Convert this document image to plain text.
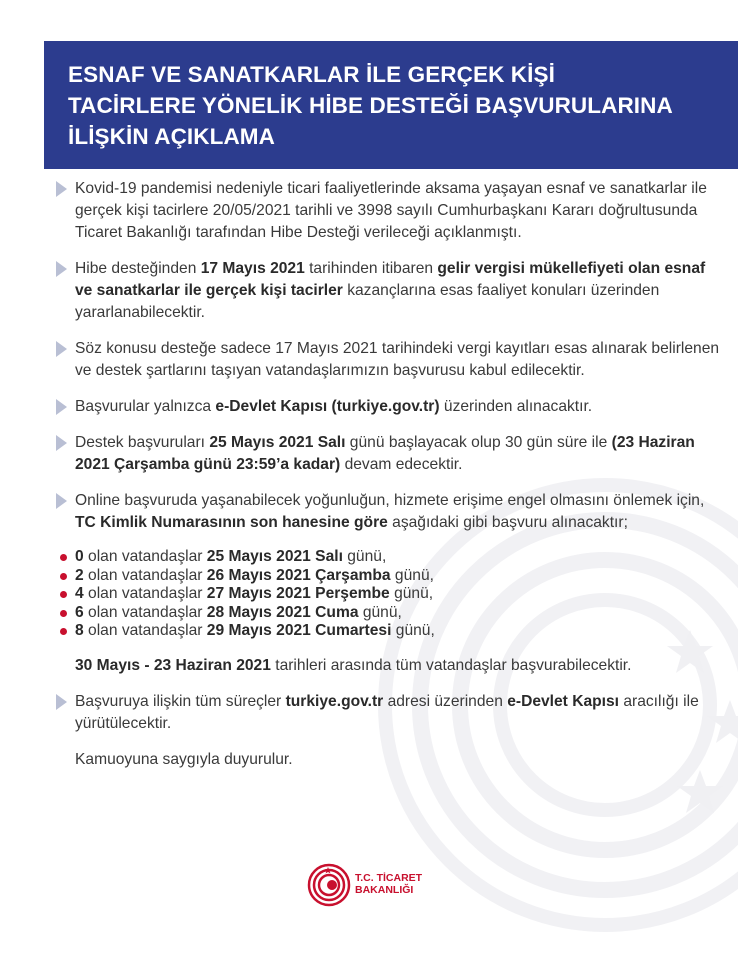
ESNAF VE SANATKARLAR İLE GERÇEK KİŞİ
TACİRLERE YÖNELİK HİBE DESTEĞİ BAŞVURULARINA
İLİŞKİN AÇIKLAMA
Kovid-19 pandemisi nedeniyle ticari faaliyetlerinde aksama yaşayan esnaf ve sanatkarlar ile gerçek kişi tacirlere 20/05/2021 tarihli ve 3998 sayılı Cumhurbaşkanı Kararı doğrultusunda Ticaret Bakanlığı tarafından Hibe Desteği verileceği açıklanmıştı.
Hibe desteğinden 17 Mayıs 2021 tarihinden itibaren gelir vergisi mükellefiyeti olan esnaf ve sanatkarlar ile gerçek kişi tacirler kazançlarına esas faaliyet konuları üzerinden yararlanabilecektir.
Söz konusu desteğe sadece 17 Mayıs 2021 tarihindeki vergi kayıtları esas alınarak belirlenen ve destek şartlarını taşıyan vatandaşlarımızın başvurusu kabul edilecektir.
Başvurular yalnızca e-Devlet Kapısı (turkiye.gov.tr) üzerinden alınacaktır.
Destek başvuruları 25 Mayıs 2021 Salı günü başlayacak olup 30 gün süre ile (23 Haziran 2021 Çarşamba günü 23:59’a kadar) devam edecektir.
Online başvuruda yaşanabilecek yoğunluğun, hizmete erişime engel olmasını önlemek için, TC Kimlik Numarasının son hanesine göre aşağıdaki gibi başvuru alınacaktır;
0 olan vatandaşlar 25 Mayıs 2021 Salı günü,
2 olan vatandaşlar 26 Mayıs 2021 Çarşamba günü,
4 olan vatandaşlar 27 Mayıs 2021 Perşembe günü,
6 olan vatandaşlar 28 Mayıs 2021 Cuma günü,
8 olan vatandaşlar 29 Mayıs 2021 Cumartesi günü,
30 Mayıs - 23 Haziran 2021 tarihleri arasında tüm vatandaşlar başvurabilecektir.
Başvuruya ilişkin tüm süreçler turkiye.gov.tr adresi üzerinden e-Devlet Kapısı aracılığı ile yürütülecektir.
Kamuoyuna saygıyla duyurulur.
T.C. TİCARET
BAKANLIĞI
